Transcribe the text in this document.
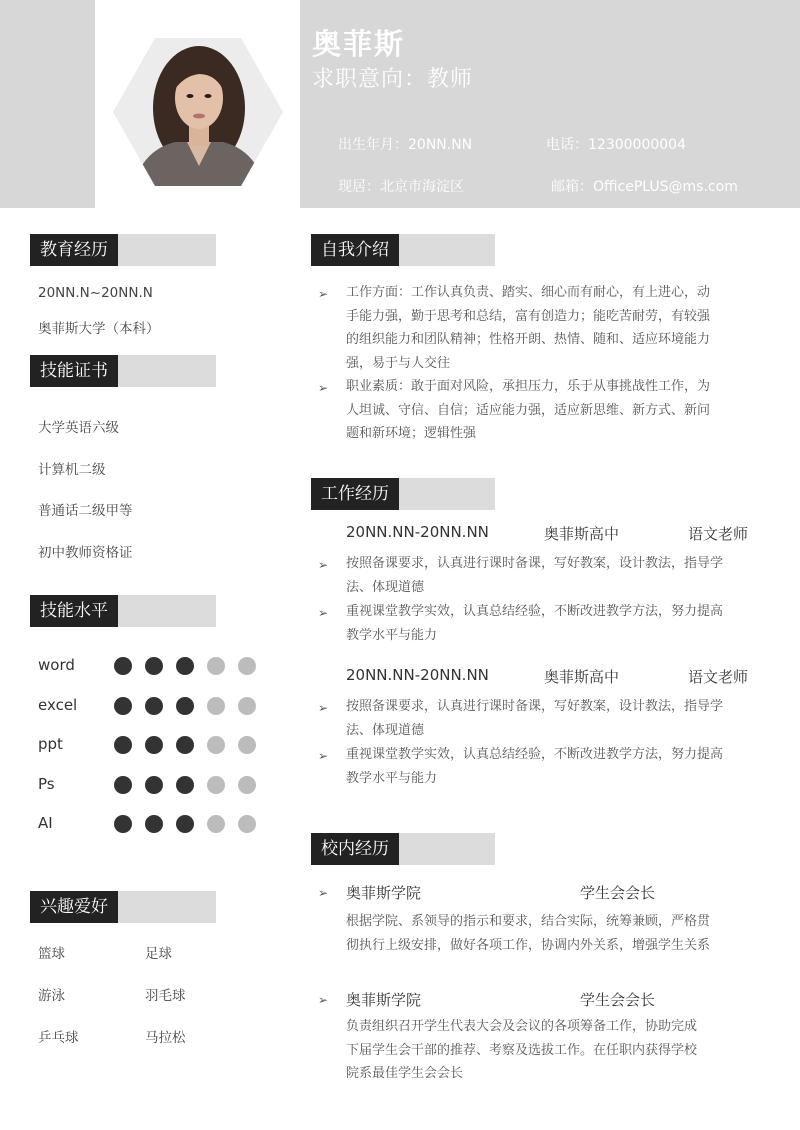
奥菲斯
求职意向：教师
出生年月：20NN.NN	电话：12300000004
现居：北京市海淀区	邮箱：OfficePLUS@ms.com
教育经历
20NN.N~20NN.N
奥菲斯大学（本科）
技能证书
大学英语六级
计算机二级
普通话二级甲等
初中教师资格证
技能水平
word
excel
ppt
Ps
AI
兴趣爱好
篮球	足球
游泳	羽毛球
乒乓球	马拉松
自我介绍
➢ 工作方面：工作认真负责、踏实、细心而有耐心，有上进心，动
手能力强，勤于思考和总结，富有创造力；能吃苦耐劳，有较强
的组织能力和团队精神；性格开朗、热情、随和、适应环境能力
强，易于与人交往
➢ 职业素质：敢于面对风险，承担压力，乐于从事挑战性工作，为
人坦诚、守信、自信；适应能力强，适应新思维、新方式、新问
题和新环境；逻辑性强
工作经历
20NN.NN-20NN.NN	奥菲斯高中	语文老师
➢ 按照备课要求，认真进行课时备课，写好教案，设计教法，指导学
法、体现道德
➢ 重视课堂教学实效，认真总结经验，不断改进教学方法，努力提高
教学水平与能力
20NN.NN-20NN.NN	奥菲斯高中	语文老师
➢ 按照备课要求，认真进行课时备课，写好教案，设计教法，指导学
法、体现道德
➢ 重视课堂教学实效，认真总结经验，不断改进教学方法，努力提高
教学水平与能力
校内经历
➢ 奥菲斯学院	学生会会长
根据学院、系领导的指示和要求，结合实际，统筹兼顾，严格贯
彻执行上级安排，做好各项工作，协调内外关系，增强学生关系
➢ 奥菲斯学院	学生会会长
负责组织召开学生代表大会及会议的各项筹备工作，协助完成
下届学生会干部的推荐、考察及选拔工作。在任职内获得学校
院系最佳学生会会长
